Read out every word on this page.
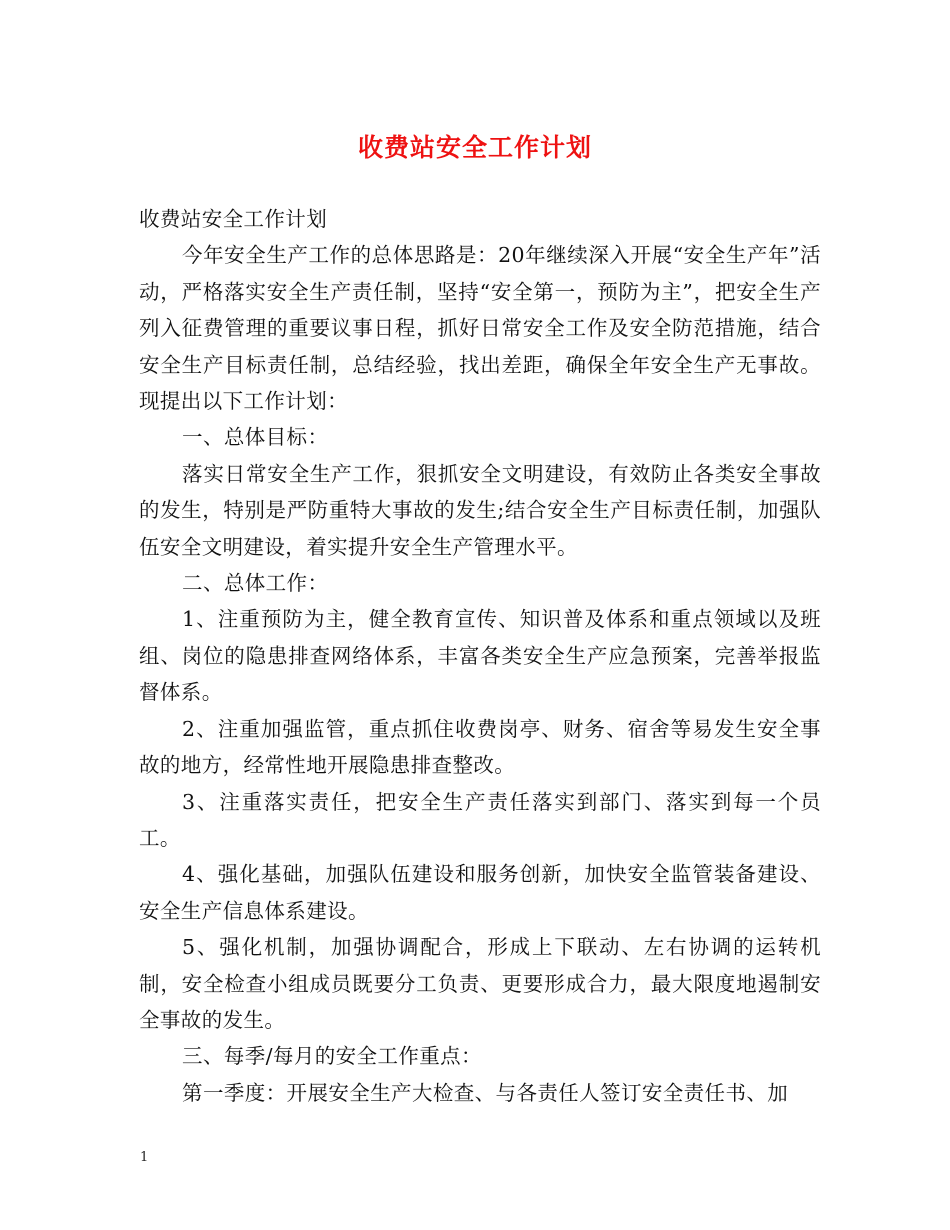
收费站安全工作计划

收费站安全工作计划

今年安全生产工作的总体思路是：20年继续深入开展“安全生产年”活动，严格落实安全生产责任制，坚持“安全第一，预防为主”，把安全生产列入征费管理的重要议事日程，抓好日常安全工作及安全防范措施，结合安全生产目标责任制，总结经验，找出差距，确保全年安全生产无事故。现提出以下工作计划：

一、总体目标：

落实日常安全生产工作，狠抓安全文明建设，有效防止各类安全事故的发生，特别是严防重特大事故的发生;结合安全生产目标责任制，加强队伍安全文明建设，着实提升安全生产管理水平。

二、总体工作：

1、注重预防为主，健全教育宣传、知识普及体系和重点领域以及班组、岗位的隐患排查网络体系，丰富各类安全生产应急预案，完善举报监督体系。

2、注重加强监管，重点抓住收费岗亭、财务、宿舍等易发生安全事故的地方，经常性地开展隐患排查整改。

3、注重落实责任，把安全生产责任落实到部门、落实到每一个员工。

4、强化基础，加强队伍建设和服务创新，加快安全监管装备建设、安全生产信息体系建设。

5、强化机制，加强协调配合，形成上下联动、左右协调的运转机制，安全检查小组成员既要分工负责、更要形成合力，最大限度地遏制安全事故的发生。

三、每季/每月的安全工作重点：

第一季度：开展安全生产大检查、与各责任人签订安全责任书、加

1
